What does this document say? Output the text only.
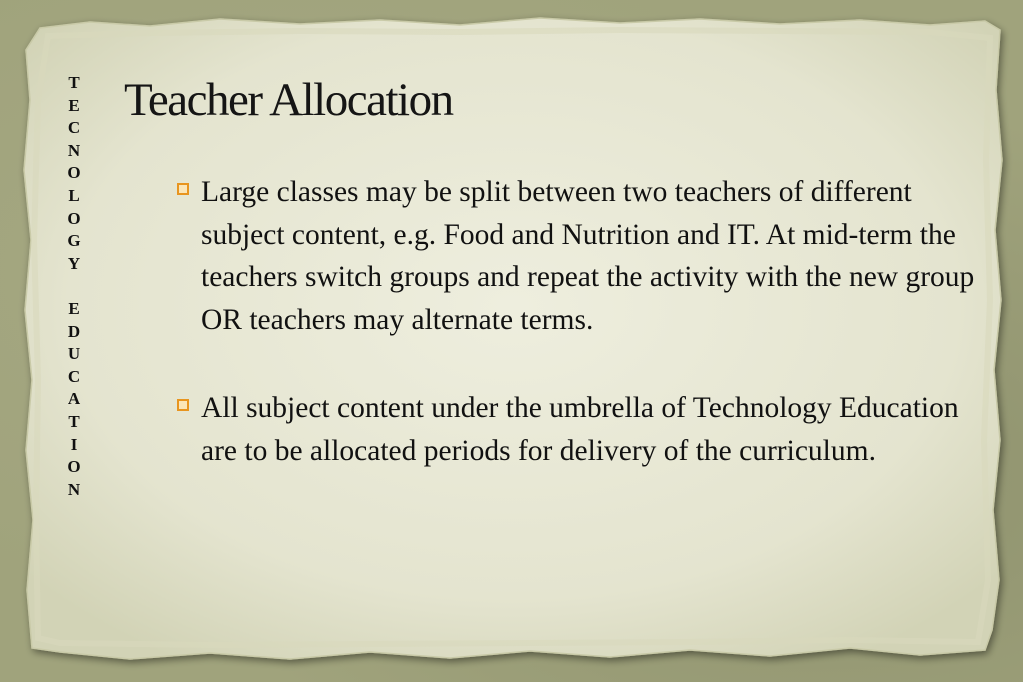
T
E
C
N
O
L
O
G
Y
E
D
U
C
A
T
I
O
N
Teacher Allocation
Large classes may be split between two teachers of different subject content, e.g. Food and Nutrition and IT. At mid-term the teachers switch groups and repeat the activity with the new group OR teachers may alternate terms.
All subject content under the umbrella of Technology Education are to be allocated periods for delivery of the curriculum.
